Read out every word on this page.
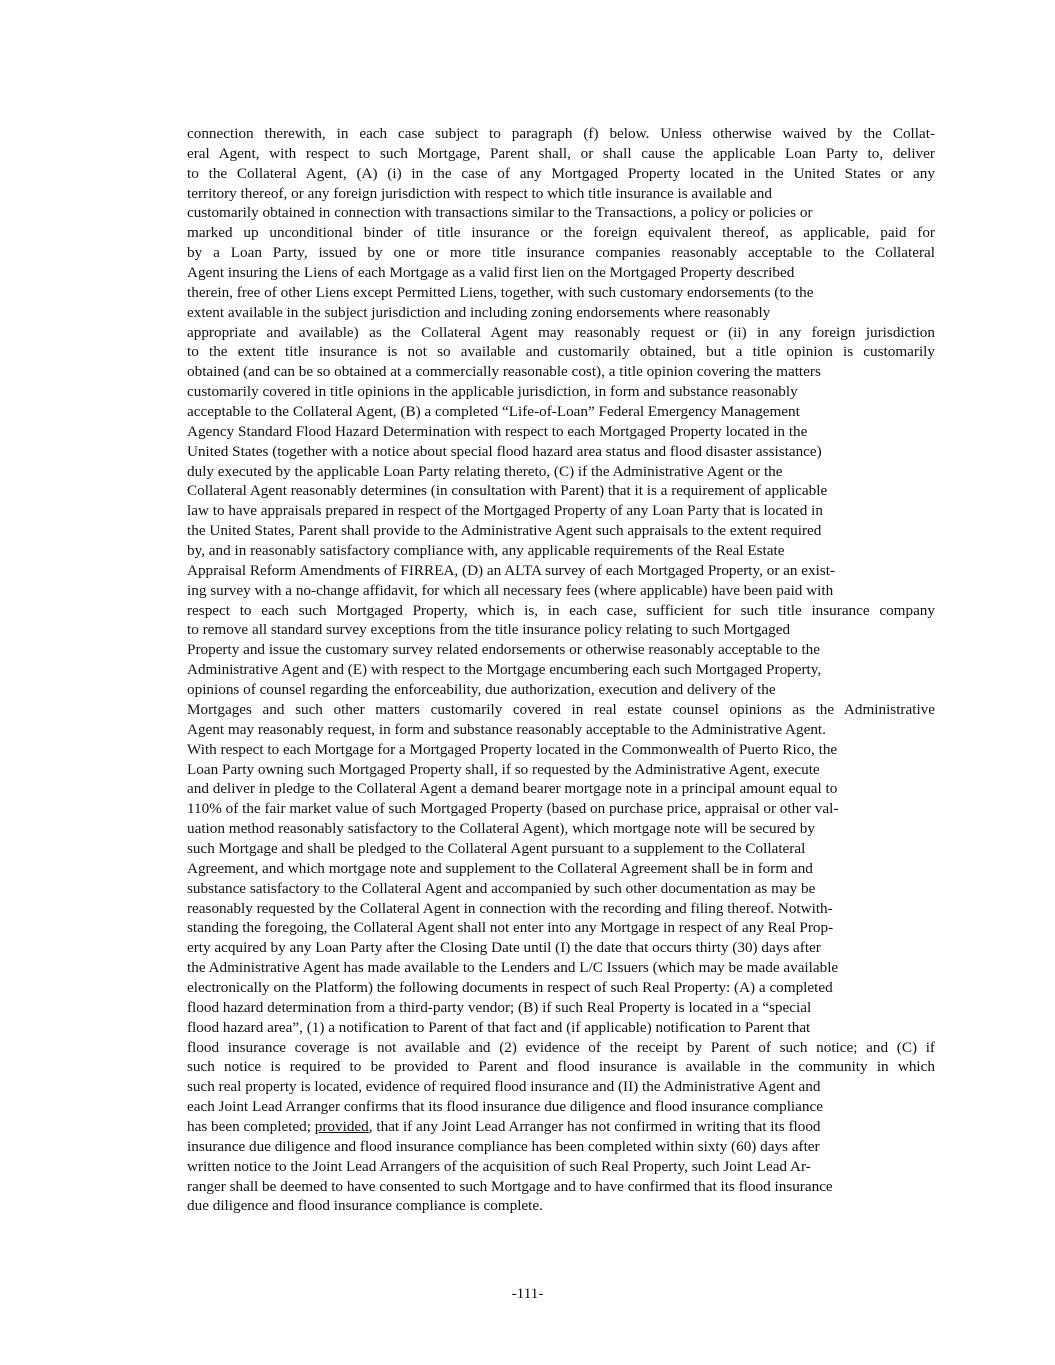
connection therewith, in each case subject to paragraph (f) below. Unless otherwise waived by the Collat-
eral Agent, with respect to such Mortgage, Parent shall, or shall cause the applicable Loan Party to, deliver
to the Collateral Agent, (A) (i) in the case of any Mortgaged Property located in the United States or any
territory thereof, or any foreign jurisdiction with respect to which title insurance is available and
customarily obtained in connection with transactions similar to the Transactions, a policy or policies or
marked up unconditional binder of title insurance or the foreign equivalent thereof, as applicable, paid for
by a Loan Party, issued by one or more title insurance companies reasonably acceptable to the Collateral
Agent insuring the Liens of each Mortgage as a valid first lien on the Mortgaged Property described
therein, free of other Liens except Permitted Liens, together, with such customary endorsements (to the
extent available in the subject jurisdiction and including zoning endorsements where reasonably
appropriate and available) as the Collateral Agent may reasonably request or (ii) in any foreign jurisdiction
to the extent title insurance is not so available and customarily obtained, but a title opinion is customarily
obtained (and can be so obtained at a commercially reasonable cost), a title opinion covering the matters
customarily covered in title opinions in the applicable jurisdiction, in form and substance reasonably
acceptable to the Collateral Agent, (B) a completed “Life-of-Loan” Federal Emergency Management
Agency Standard Flood Hazard Determination with respect to each Mortgaged Property located in the
United States (together with a notice about special flood hazard area status and flood disaster assistance)
duly executed by the applicable Loan Party relating thereto, (C) if the Administrative Agent or the
Collateral Agent reasonably determines (in consultation with Parent) that it is a requirement of applicable
law to have appraisals prepared in respect of the Mortgaged Property of any Loan Party that is located in
the United States, Parent shall provide to the Administrative Agent such appraisals to the extent required
by, and in reasonably satisfactory compliance with, any applicable requirements of the Real Estate
Appraisal Reform Amendments of FIRREA, (D) an ALTA survey of each Mortgaged Property, or an exist-
ing survey with a no-change affidavit, for which all necessary fees (where applicable) have been paid with
respect to each such Mortgaged Property, which is, in each case, sufficient for such title insurance company
to remove all standard survey exceptions from the title insurance policy relating to such Mortgaged
Property and issue the customary survey related endorsements or otherwise reasonably acceptable to the
Administrative Agent and (E) with respect to the Mortgage encumbering each such Mortgaged Property,
opinions of counsel regarding the enforceability, due authorization, execution and delivery of the
Mortgages and such other matters customarily covered in real estate counsel opinions as the Administrative
Agent may reasonably request, in form and substance reasonably acceptable to the Administrative Agent.
With respect to each Mortgage for a Mortgaged Property located in the Commonwealth of Puerto Rico, the
Loan Party owning such Mortgaged Property shall, if so requested by the Administrative Agent, execute
and deliver in pledge to the Collateral Agent a demand bearer mortgage note in a principal amount equal to
110% of the fair market value of such Mortgaged Property (based on purchase price, appraisal or other val-
uation method reasonably satisfactory to the Collateral Agent), which mortgage note will be secured by
such Mortgage and shall be pledged to the Collateral Agent pursuant to a supplement to the Collateral
Agreement, and which mortgage note and supplement to the Collateral Agreement shall be in form and
substance satisfactory to the Collateral Agent and accompanied by such other documentation as may be
reasonably requested by the Collateral Agent in connection with the recording and filing thereof. Notwith-
standing the foregoing, the Collateral Agent shall not enter into any Mortgage in respect of any Real Prop-
erty acquired by any Loan Party after the Closing Date until (I) the date that occurs thirty (30) days after
the Administrative Agent has made available to the Lenders and L/C Issuers (which may be made available
electronically on the Platform) the following documents in respect of such Real Property: (A) a completed
flood hazard determination from a third-party vendor; (B) if such Real Property is located in a “special
flood hazard area”, (1) a notification to Parent of that fact and (if applicable) notification to Parent that
flood insurance coverage is not available and (2) evidence of the receipt by Parent of such notice; and (C) if
such notice is required to be provided to Parent and flood insurance is available in the community in which
such real property is located, evidence of required flood insurance and (II) the Administrative Agent and
each Joint Lead Arranger confirms that its flood insurance due diligence and flood insurance compliance
has been completed; provided, that if any Joint Lead Arranger has not confirmed in writing that its flood
insurance due diligence and flood insurance compliance has been completed within sixty (60) days after
written notice to the Joint Lead Arrangers of the acquisition of such Real Property, such Joint Lead Ar-
ranger shall be deemed to have consented to such Mortgage and to have confirmed that its flood insurance
due diligence and flood insurance compliance is complete.
-111-
